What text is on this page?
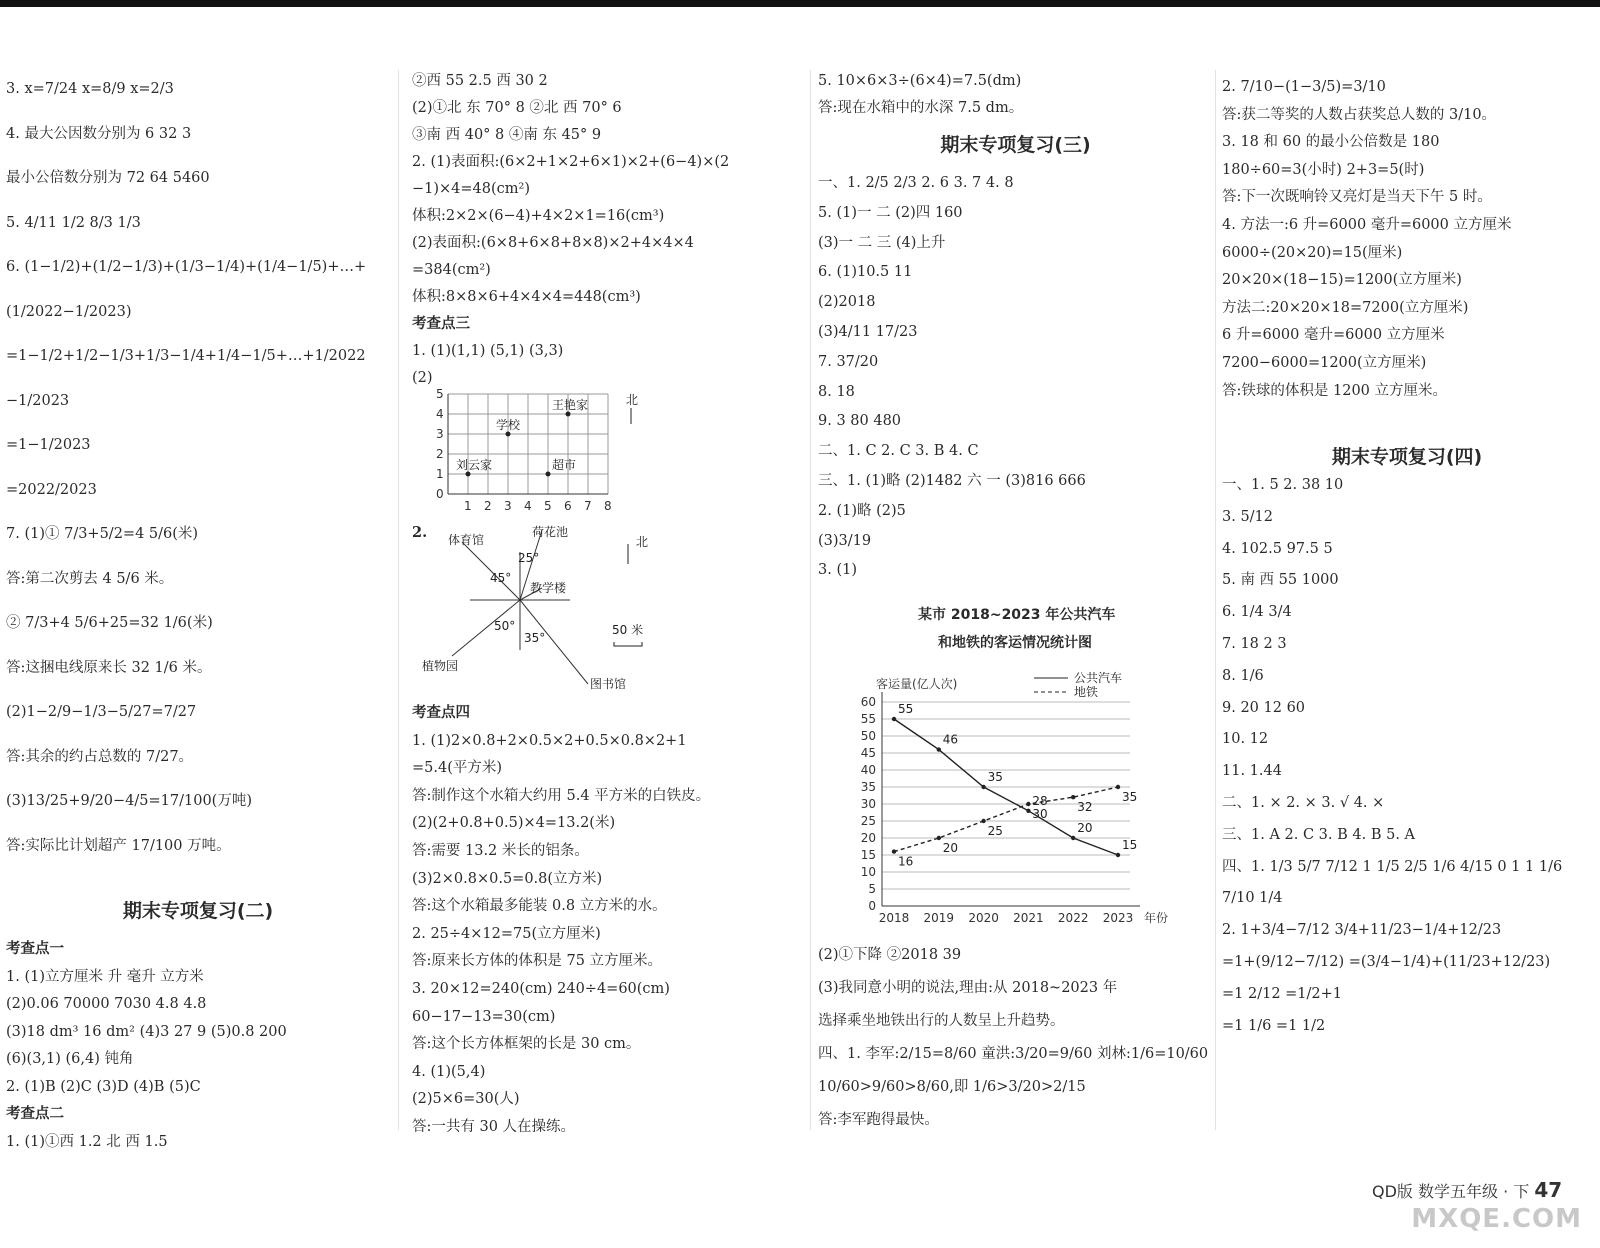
3. x=7/24 x=8/9 x=2/3
4. 最大公因数分别为 6 32 3
最小公倍数分别为 72 64 5460
5. 4/11 1/2 8/3 1/3
6. (1−1/2)+(1/2−1/3)+(1/3−1/4)+(1/4−1/5)+…+
(1/2022−1/2023)
=1−1/2+1/2−1/3+1/3−1/4+1/4−1/5+…+1/2022
−1/2023
=1−1/2023
=2022/2023
7. (1)① 7/3+5/2=4 5/6(米)
答:第二次剪去 4 5/6 米。
② 7/3+4 5/6+25=32 1/6(米)
答:这捆电线原来长 32 1/6 米。
(2)1−2/9−1/3−5/27=7/27
答:其余的约占总数的 7/27。
(3)13/25+9/20−4/5=17/100(万吨)
答:实际比计划超产 17/100 万吨。
期末专项复习(二)
考查点一
1. (1)立方厘米 升 毫升 立方米
(2)0.06 70000 7030 4.8 4.8
(3)18 dm³ 16 dm² (4)3 27 9 (5)0.8 200
(6)(3,1) (6,4) 钝角
2. (1)B (2)C (3)D (4)B (5)C
考查点二
1. (1)①西 1.2 北 西 1.5
②西 55 2.5 西 30 2
(2)①北 东 70° 8 ②北 西 70° 6
③南 西 40° 8 ④南 东 45° 9
2. (1)表面积:(6×2+1×2+6×1)×2+(6−4)×(2
−1)×4=48(cm²)
体积:2×2×(6−4)+4×2×1=16(cm³)
(2)表面积:(6×8+6×8+8×8)×2+4×4×4
=384(cm²)
体积:8×8×6+4×4×4=448(cm³)
考查点三
1. (1)(1,1) (5,1) (3,3)
(2)
5
4
3
2
1
0
1 2 3 4 5 6 7 8
王艳家
学校
刘云家	超市
北
2. 体育馆
荷花池
教学楼
植物园
图书馆
25°
45°
50°
35°
北
50 米
考查点四
1. (1)2×0.8+2×0.5×2+0.5×0.8×2+1
=5.4(平方米)
答:制作这个水箱大约用 5.4 平方米的白铁皮。
(2)(2+0.8+0.5)×4=13.2(米)
答:需要 13.2 米长的铝条。
(3)2×0.8×0.5=0.8(立方米)
答:这个水箱最多能装 0.8 立方米的水。
2. 25÷4×12=75(立方厘米)
答:原来长方体的体积是 75 立方厘米。
3. 20×12=240(cm) 240÷4=60(cm)
60−17−13=30(cm)
答:这个长方体框架的长是 30 cm。
4. (1)(5,4)
(2)5×6=30(人)
答:一共有 30 人在操练。
5. 10×6×3÷(6×4)=7.5(dm)
答:现在水箱中的水深 7.5 dm。
期末专项复习(三)
一、1. 2/5 2/3 2. 6 3. 7 4. 8
5. (1)一 二 (2)四 160
(3)一 二 三 (4)上升
6. (1)10.5 11
(2)2018
(3)4/11 17/23
7. 37/20
8. 18
9. 3 80 480
二、1. C 2. C 3. B 4. C
三、1. (1)略 (2)1482 六 一 (3)816 666
2. (1)略 (2)5
(3)3/19
3. (1)
某市 2018~2023 年公共汽车
和地铁的客运情况统计图
0
5
10
15
20
25
30
35
40
45
50
55
60
2018 2019 2020 2021 2022 2023 年份
客运量(亿人次)
55
46
35
28
20
15
公共汽车
16
20
25
30 32
35
地铁
(2)①下降 ②2018 39
(3)我同意小明的说法,理由:从 2018~2023 年
选择乘坐地铁出行的人数呈上升趋势。
四、1. 李军:2/15=8/60 童洪:3/20=9/60 刘林:1/6=10/60
10/60>9/60>8/60,即 1/6>3/20>2/15
答:李军跑得最快。
2. 7/10−(1−3/5)=3/10
答:获二等奖的人数占获奖总人数的 3/10。
3. 18 和 60 的最小公倍数是 180
180÷60=3(小时) 2+3=5(时)
答:下一次既响铃又亮灯是当天下午 5 时。
4. 方法一:6 升=6000 毫升=6000 立方厘米
6000÷(20×20)=15(厘米)
20×20×(18−15)=1200(立方厘米)
方法二:20×20×18=7200(立方厘米)
6 升=6000 毫升=6000 立方厘米
7200−6000=1200(立方厘米)
答:铁球的体积是 1200 立方厘米。
期末专项复习(四)
一、1. 5 2. 38 10
3. 5/12
4. 102.5 97.5 5
5. 南 西 55 1000
6. 1/4 3/4
7. 18 2 3
8. 1/6
9. 20 12 60
10. 12
11. 1.44
二、1. × 2. × 3. √ 4. ×
三、1. A 2. C 3. B 4. B 5. A
四、1. 1/3 5/7 7/12 1 1/5 2/5 1/6 4/15 0 1 1 1/6
7/10 1/4
2. 1+3/4−7/12 3/4+11/23−1/4+12/23
=1+(9/12−7/12) =(3/4−1/4)+(11/23+12/23)
=1 2/12 =1/2+1
=1 1/6 =1 1/2
QD版 数学五年级 · 下 47
MXQE.COM
